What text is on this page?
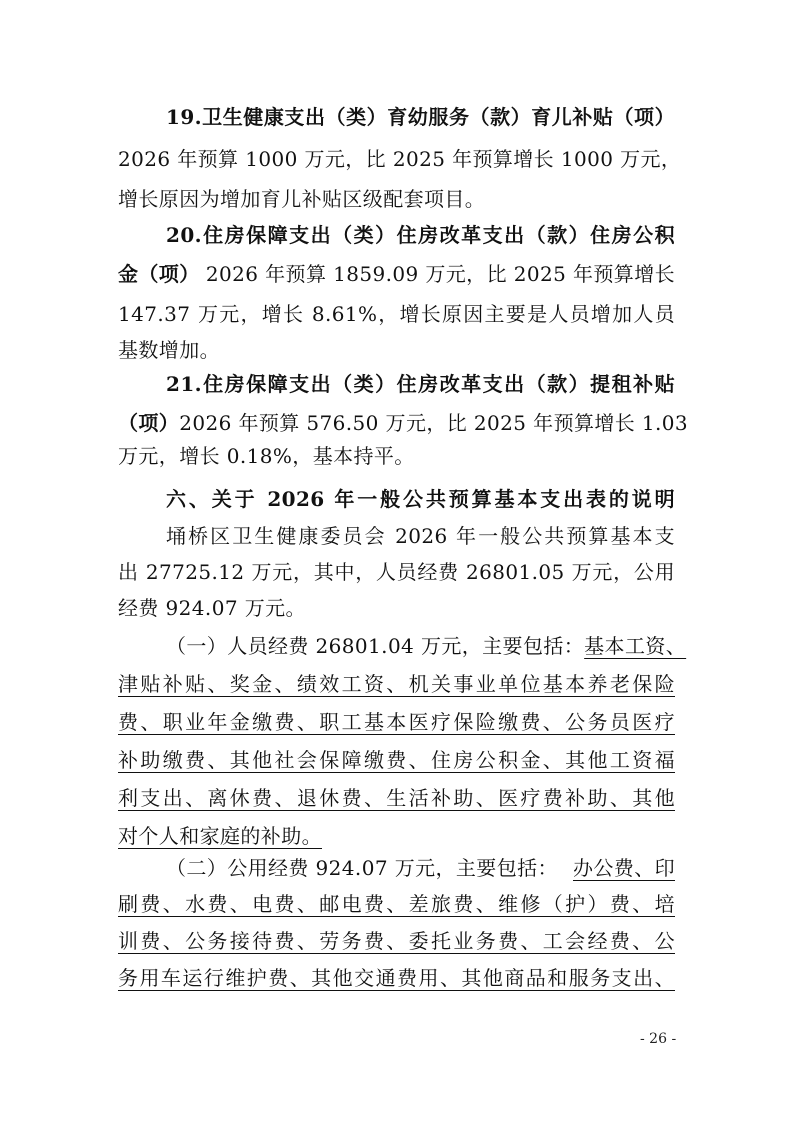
19.卫生健康支出（类）育幼服务（款）育儿补贴（项）
2026 年预算 1000 万元，比 2025 年预算增长 1000 万元，
增长原因为增加育儿补贴区级配套项目。
20.住房保障支出（类）住房改革支出（款）住房公积
金（项） 2026 年预算 1859.09 万元，比 2025 年预算增长
147.37 万元，增长 8.61%，增长原因主要是人员增加人员
基数增加。
21.住房保障支出（类）住房改革支出（款）提租补贴
（项） 2026 年预算 576.50 万元，比 2025 年预算增长 1.03
万元，增长 0.18%，基本持平。
六、关于 2026 年一般公共预算基本支出表的说明
埇桥区卫生健康委员会 2026 年一般公共预算基本支
出 27725.12 万元，其中，人员经费 26801.05 万元，公用
经费 924.07 万元。
（一）人员经费 26801.04 万元，主要包括： 基本工资、
津贴补贴、奖金、绩效工资、机关事业单位基本养老保险
费、职业年金缴费、职工基本医疗保险缴费、公务员医疗
补助缴费、其他社会保障缴费、住房公积金、其他工资福
利支出、离休费、退休费、生活补助、医疗费补助、其他
对个人和家庭的补助。
（二）公用经费 924.07 万元，主要包括： 办公费、印
刷费、水费、电费、邮电费、差旅费、维修（护）费、培
训费、公务接待费、劳务费、委托业务费、工会经费、公
务用车运行维护费、其他交通费用、其他商品和服务支出、
- 26 -
